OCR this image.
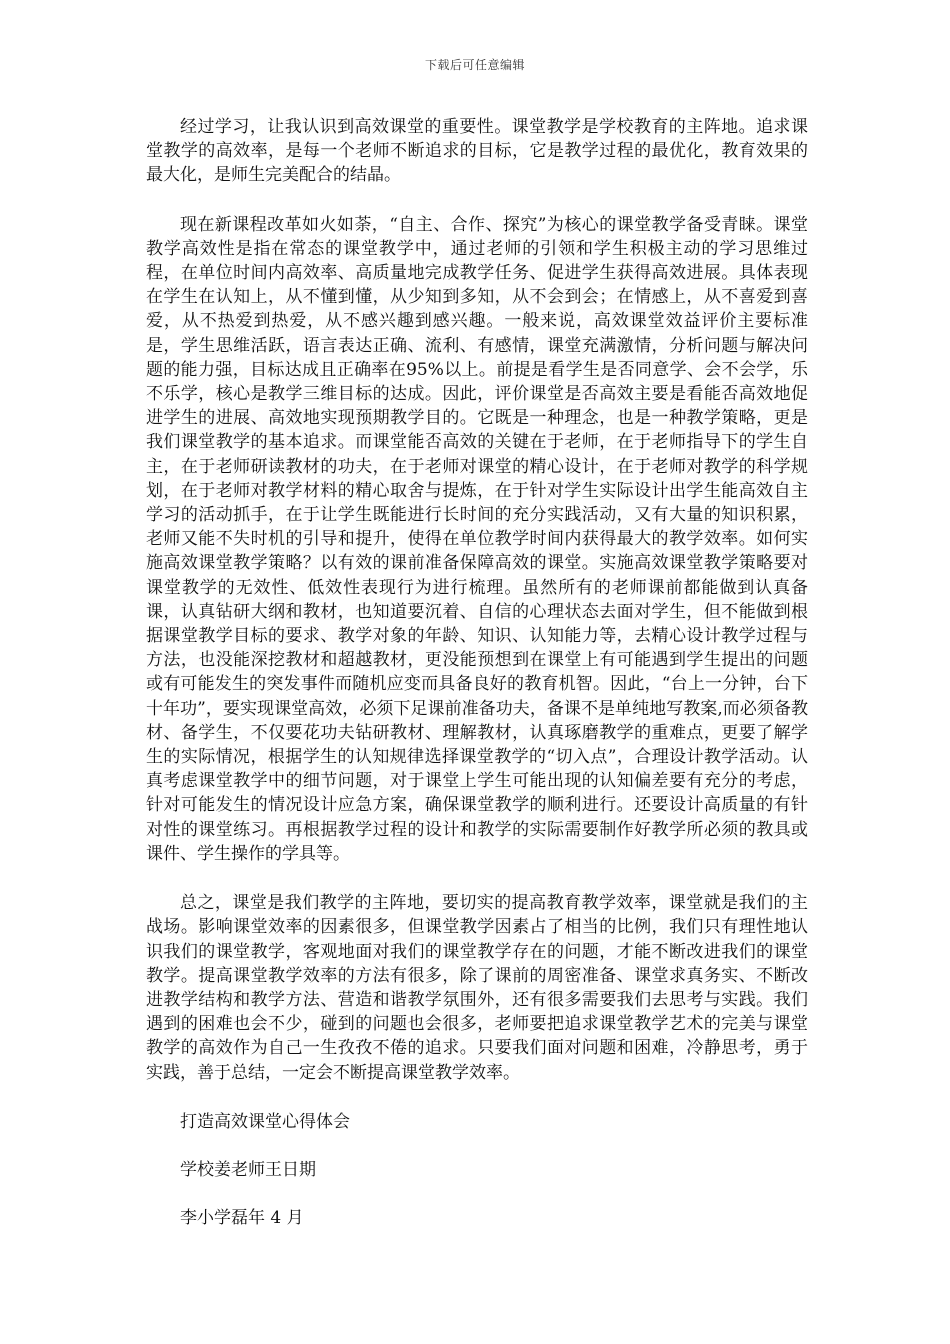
下载后可任意编辑

经过学习，让我认识到高效课堂的重要性。课堂教学是学校教育的主阵地。追求课堂教学的高效率，是每一个老师不断追求的目标，它是教学过程的最优化，教育效果的最大化，是师生完美配合的结晶。

现在新课程改革如火如荼，“自主、合作、探究”为核心的课堂教学备受青睐。课堂教学高效性是指在常态的课堂教学中，通过老师的引领和学生积极主动的学习思维过程，在单位时间内高效率、高质量地完成教学任务、促进学生获得高效进展。具体表现在学生在认知上，从不懂到懂，从少知到多知，从不会到会；在情感上，从不喜爱到喜爱，从不热爱到热爱，从不感兴趣到感兴趣。一般来说，高效课堂效益评价主要标准是，学生思维活跃，语言表达正确、流利、有感情，课堂充满激情，分析问题与解决问题的能力强，目标达成且正确率在95%以上。前提是看学生是否同意学、会不会学，乐不乐学，核心是教学三维目标的达成。因此，评价课堂是否高效主要是看能否高效地促进学生的进展、高效地实现预期教学目的。它既是一种理念，也是一种教学策略，更是我们课堂教学的基本追求。而课堂能否高效的关键在于老师，在于老师指导下的学生自主，在于老师研读教材的功夫，在于老师对课堂的精心设计，在于老师对教学的科学规划，在于老师对教学材料的精心取舍与提炼，在于针对学生实际设计出学生能高效自主学习的活动抓手，在于让学生既能进行长时间的充分实践活动，又有大量的知识积累，老师又能不失时机的引导和提升，使得在单位教学时间内获得最大的教学效率。如何实施高效课堂教学策略？以有效的课前准备保障高效的课堂。实施高效课堂教学策略要对课堂教学的无效性、低效性表现行为进行梳理。虽然所有的老师课前都能做到认真备课，认真钻研大纲和教材，也知道要沉着、自信的心理状态去面对学生，但不能做到根据课堂教学目标的要求、教学对象的年龄、知识、认知能力等，去精心设计教学过程与方法，也没能深挖教材和超越教材，更没能预想到在课堂上有可能遇到学生提出的问题或有可能发生的突发事件而随机应变而具备良好的教育机智。因此，“台上一分钟，台下十年功”，要实现课堂高效，必须下足课前准备功夫，备课不是单纯地写教案,而必须备教材、备学生，不仅要花功夫钻研教材、理解教材，认真琢磨教学的重难点，更要了解学生的实际情况，根据学生的认知规律选择课堂教学的“切入点”，合理设计教学活动。认真考虑课堂教学中的细节问题，对于课堂上学生可能出现的认知偏差要有充分的考虑，针对可能发生的情况设计应急方案，确保课堂教学的顺利进行。还要设计高质量的有针对性的课堂练习。再根据教学过程的设计和教学的实际需要制作好教学所必须的教具或课件、学生操作的学具等。

总之，课堂是我们教学的主阵地，要切实的提高教育教学效率，课堂就是我们的主战场。影响课堂效率的因素很多，但课堂教学因素占了相当的比例，我们只有理性地认识我们的课堂教学，客观地面对我们的课堂教学存在的问题，才能不断改进我们的课堂教学。提高课堂教学效率的方法有很多，除了课前的周密准备、课堂求真务实、不断改进教学结构和教学方法、营造和谐教学氛围外，还有很多需要我们去思考与实践。我们遇到的困难也会不少，碰到的问题也会很多，老师要把追求课堂教学艺术的完美与课堂教学的高效作为自己一生孜孜不倦的追求。只要我们面对问题和困难，冷静思考，勇于实践，善于总结，一定会不断提高课堂教学效率。

打造高效课堂心得体会

学校姜老师王日期

李小学磊年 4 月
